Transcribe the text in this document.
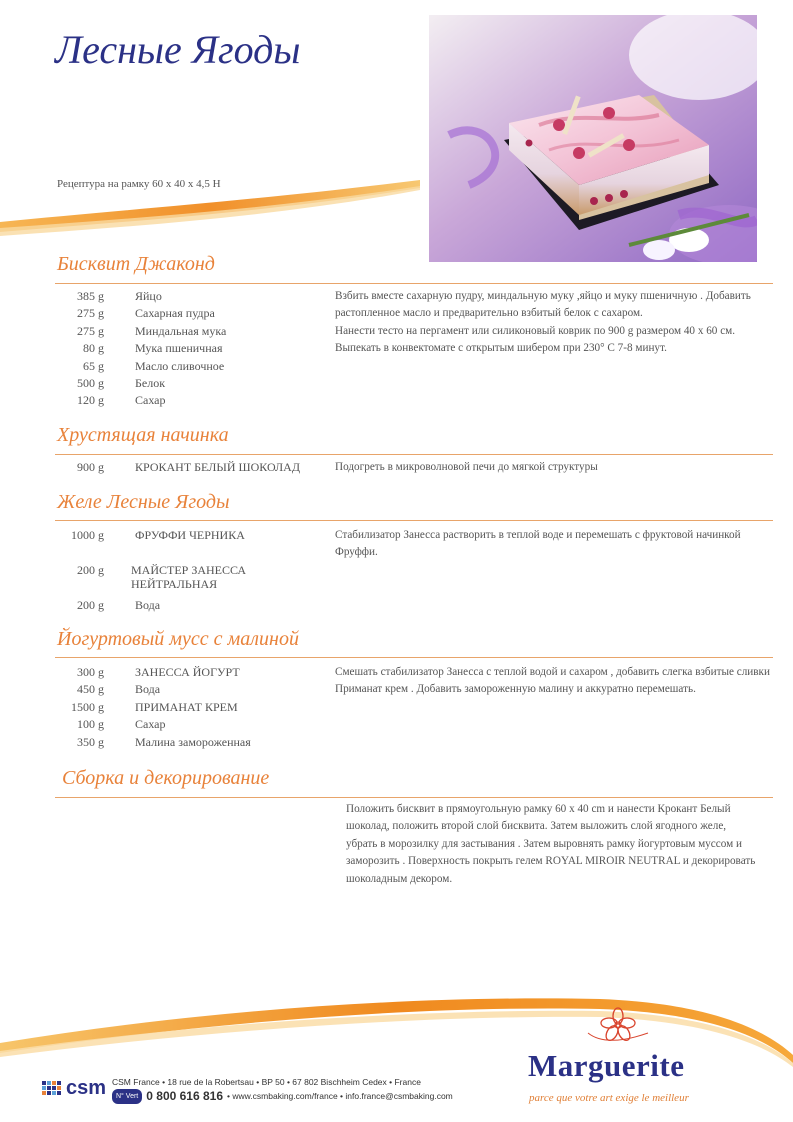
Лесные Ягоды
Рецептура на рамку 60 x 40 x 4,5 H
Бисквит Джаконд
385 g	Яйцо
275 g	Сахарная пудра
275 g	Миндальная мука
80 g	Мука пшеничная
65 g	Масло сливочное
500 g	Белок
120 g	Сахар

Взбить вместе сахарную пудру, миндальную муку ,яйцо и муку пшеничную . Добавить растопленное масло и предварительно взбитый белок с сахаром.

Нанести тесто на пергамент или силиконовый коврик по 900 g размером 40 x 60 см.

Выпекать в конвектомате с открытым шибером при 230° C 7-8 минут.

Хрустящая начинка
900 g	КРОКАНТ БЕЛЫЙ ШОКОЛАД	Подогреть в микроволновой печи до мягкой структуры

Желе Лесные Ягоды
1000 g	ФРУФФИ ЧЕРНИКА
200 g	МАЙСТЕР ЗАНЕССА
НЕЙТРАЛЬНАЯ
200 g	Вода

Стабилизатор Занесса растворить в теплой воде и перемешать с фруктовой начинкой Фруффи.

Йогуртовый мусс с малиной
300 g	ЗАНЕССА ЙОГУРТ
450 g	Вода
1500 g	ПРИМАНАТ КРЕМ
100 g	Сахар
350 g	Малина замороженная

Смешать стабилизатор Занесса с теплой водой и сахаром , добавить слегка взбитые сливки Приманат крем . Добавить замороженную малину и аккуратно перемешать.

Сборка и декорирование

Положить бисквит в прямоугольную рамку 60 x 40 cm и нанести Крокант Белый шоколад, положить второй слой бисквита. Затем выложить слой ягодного желе, убрать в морозилку для застывания . Затем выровнять рамку йогуртовым муссом и заморозить . Поверхность покрыть гелем ROYAL MIROIR NEUTRAL и декорировать шоколадным декором.

csm CSM France • 18 rue de la Robertsau • BP 50 • 67 802 Bischheim Cedex • France
N° Vert 0 800 616 816 • www.csmbaking.com/france • info.france@csmbaking.com
Marguerite
parce que votre art exige le meilleur
